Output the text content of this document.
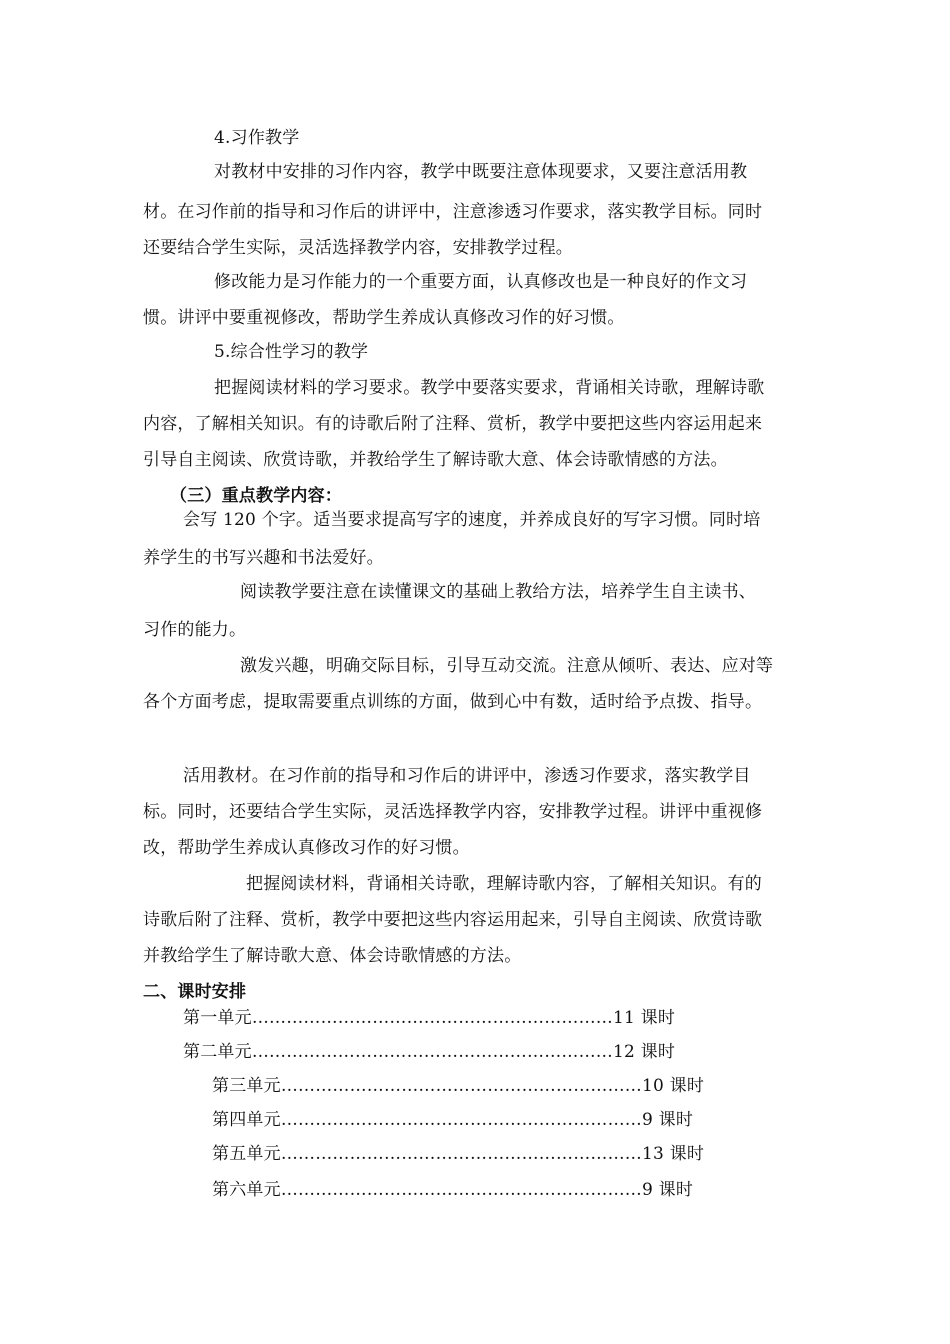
4.习作教学
对教材中安排的习作内容，教学中既要注意体现要求，又要注意活用教
材。在习作前的指导和习作后的讲评中，注意渗透习作要求，落实教学目标。同时
还要结合学生实际，灵活选择教学内容，安排教学过程。
修改能力是习作能力的一个重要方面，认真修改也是一种良好的作文习
惯。讲评中要重视修改，帮助学生养成认真修改习作的好习惯。
5.综合性学习的教学
把握阅读材料的学习要求。教学中要落实要求，背诵相关诗歌，理解诗歌
内容，了解相关知识。有的诗歌后附了注释、赏析，教学中要把这些内容运用起来
引导自主阅读、欣赏诗歌，并教给学生了解诗歌大意、体会诗歌情感的方法。
（三）重点教学内容：
会写 120 个字。适当要求提高写字的速度，并养成良好的写字习惯。同时培
养学生的书写兴趣和书法爱好。
阅读教学要注意在读懂课文的基础上教给方法，培养学生自主读书、
习作的能力。
激发兴趣，明确交际目标，引导互动交流。注意从倾听、表达、应对等
各个方面考虑，提取需要重点训练的方面，做到心中有数，适时给予点拨、指导。
活用教材。在习作前的指导和习作后的讲评中，渗透习作要求，落实教学目
标。同时，还要结合学生实际，灵活选择教学内容，安排教学过程。讲评中重视修
改，帮助学生养成认真修改习作的好习惯。
把握阅读材料，背诵相关诗歌，理解诗歌内容，了解相关知识。有的
诗歌后附了注释、赏析，教学中要把这些内容运用起来，引导自主阅读、欣赏诗歌
并教给学生了解诗歌大意、体会诗歌情感的方法。
二、课时安排
第一单元………………………………………………………11 课时
第二单元………………………………………………………12 课时
第三单元………………………………………………………10 课时
第四单元………………………………………………………9 课时
第五单元………………………………………………………13 课时
第六单元………………………………………………………9 课时
